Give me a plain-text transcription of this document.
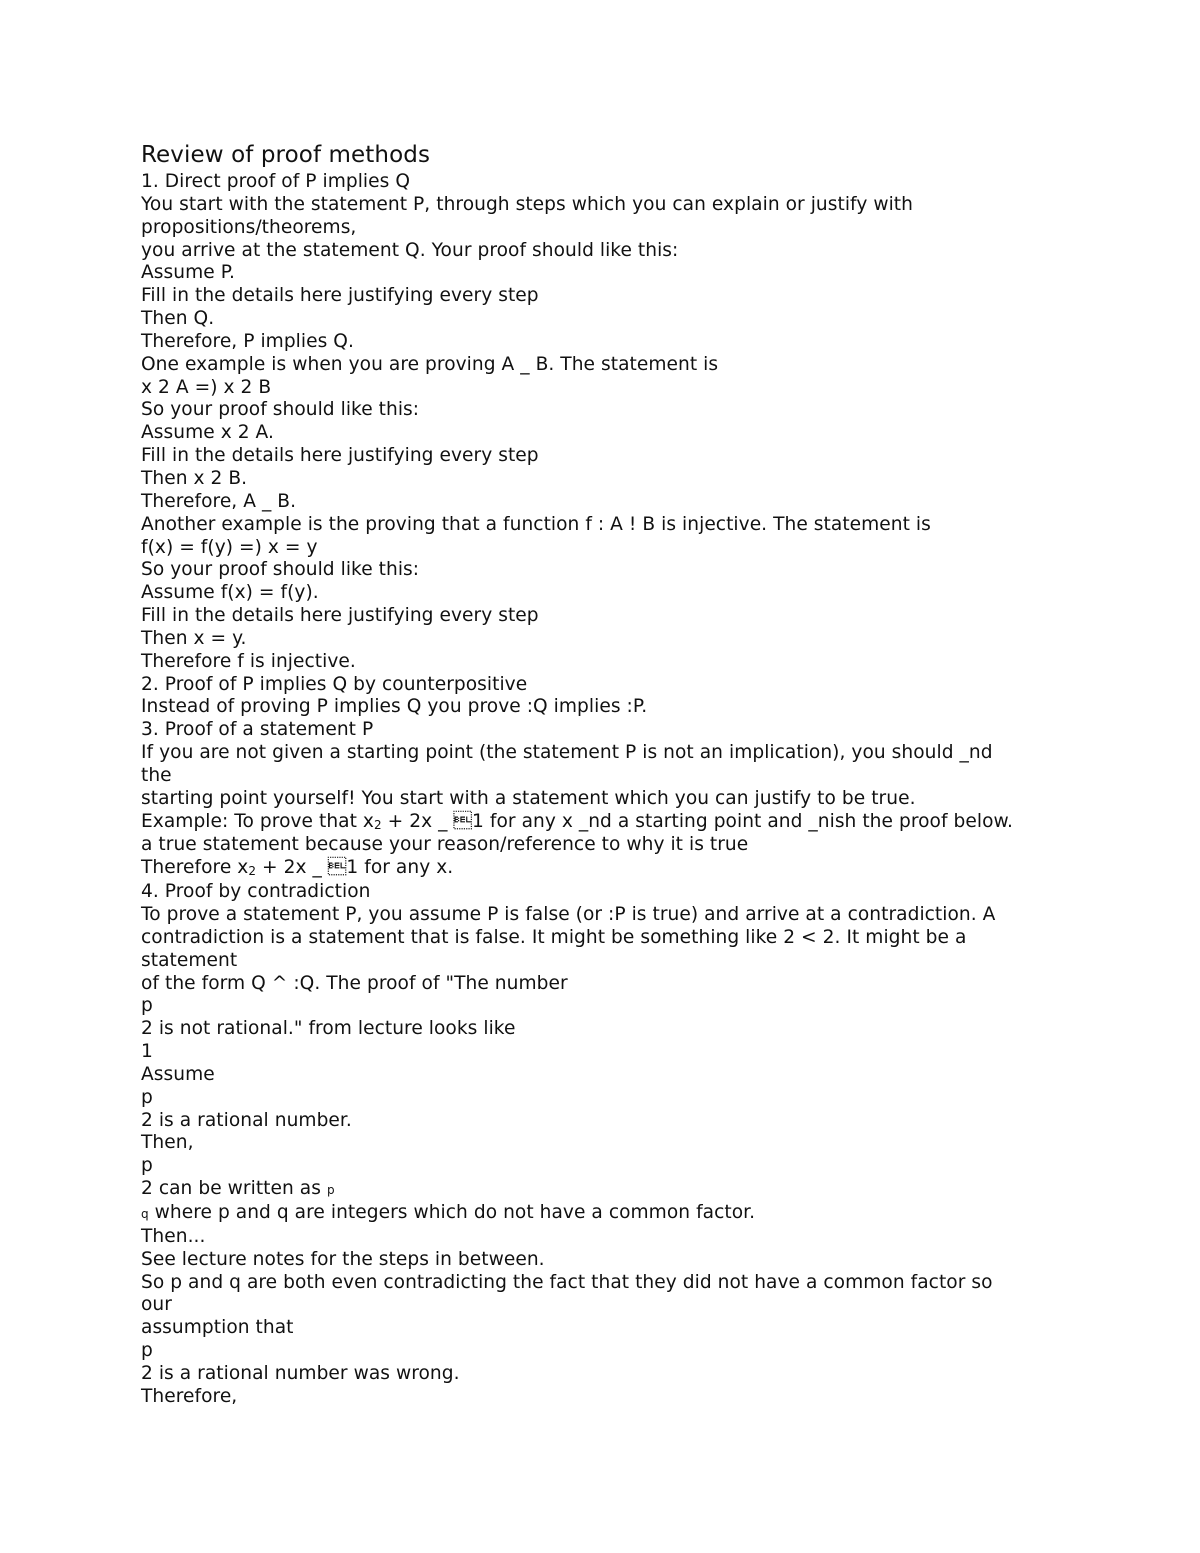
Review of proof methods

1. Direct proof of P implies Q

You start with the statement P, through steps which you can explain or justify with

propositions/theorems,

you arrive at the statement Q. Your proof should like this:

Assume P.

Fill in the details here justifying every step

Then Q.

Therefore, P implies Q.

One example is when you are proving A _ B. The statement is

x 2 A =) x 2 B

So your proof should like this:

Assume x 2 A.

Fill in the details here justifying every step

Then x 2 B.

Therefore, A _ B.

Another example is the proving that a function f : A ! B is injective. The statement is

f(x) = f(y) =) x = y

So your proof should like this:

Assume f(x) = f(y).

Fill in the details here justifying every step

Then x = y.

Therefore f is injective.

2. Proof of P implies Q by counterpositive

Instead of proving P implies Q you prove :Q implies :P.

3. Proof of a statement P

If you are not given a starting point (the statement P is not an implication), you should _nd

the

starting point yourself! You start with a statement which you can justify to be true.

Example: To prove that x2 + 2x _ 1 for any x _nd a starting point and _nish the proof below.

a true statement because your reason/reference to why it is true

Therefore x2 + 2x _ 1 for any x.

4. Proof by contradiction

To prove a statement P, you assume P is false (or :P is true) and arrive at a contradiction. A

contradiction is a statement that is false. It might be something like 2 < 2. It might be a

statement

of the form Q ^ :Q. The proof of "The number

p

2 is not rational." from lecture looks like

1

Assume

p

2 is a rational number.

Then,

p

2 can be written as p

q where p and q are integers which do not have a common factor.

Then...

See lecture notes for the steps in between.

So p and q are both even contradicting the fact that they did not have a common factor so

our

assumption that

p

2 is a rational number was wrong.

Therefore,
